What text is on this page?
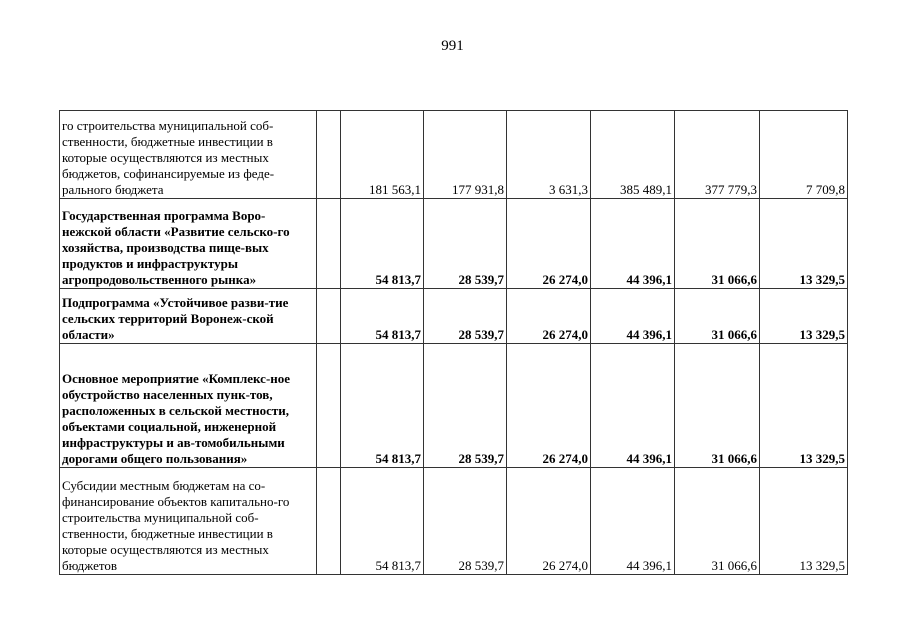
991
го строительства муниципальной соб-ственности, бюджетные инвестиции в которые осуществляются из местных бюджетов, софинансируемые из феде-рального бюджета		181 563,1	177 931,8	3 631,3	385 489,1	377 779,3	7 709,8
Государственная программа Воро-нежской области «Развитие сельско-го хозяйства, производства пище-вых продуктов и инфраструктуры агропродовольственного рынка»		54 813,7	28 539,7	26 274,0	44 396,1	31 066,6	13 329,5
Подпрограмма «Устойчивое разви-тие сельских территорий Воронеж-ской области»		54 813,7	28 539,7	26 274,0	44 396,1	31 066,6	13 329,5
Основное мероприятие «Комплекс-ное обустройство населенных пунк-тов, расположенных в сельской местности, объектами социальной, инженерной инфраструктуры и ав-томобильными дорогами общего пользования»		54 813,7	28 539,7	26 274,0	44 396,1	31 066,6	13 329,5
Субсидии местным бюджетам на со-финансирование объектов капитально-го строительства муниципальной соб-ственности, бюджетные инвестиции в которые осуществляются из местных бюджетов		54 813,7	28 539,7	26 274,0	44 396,1	31 066,6	13 329,5
